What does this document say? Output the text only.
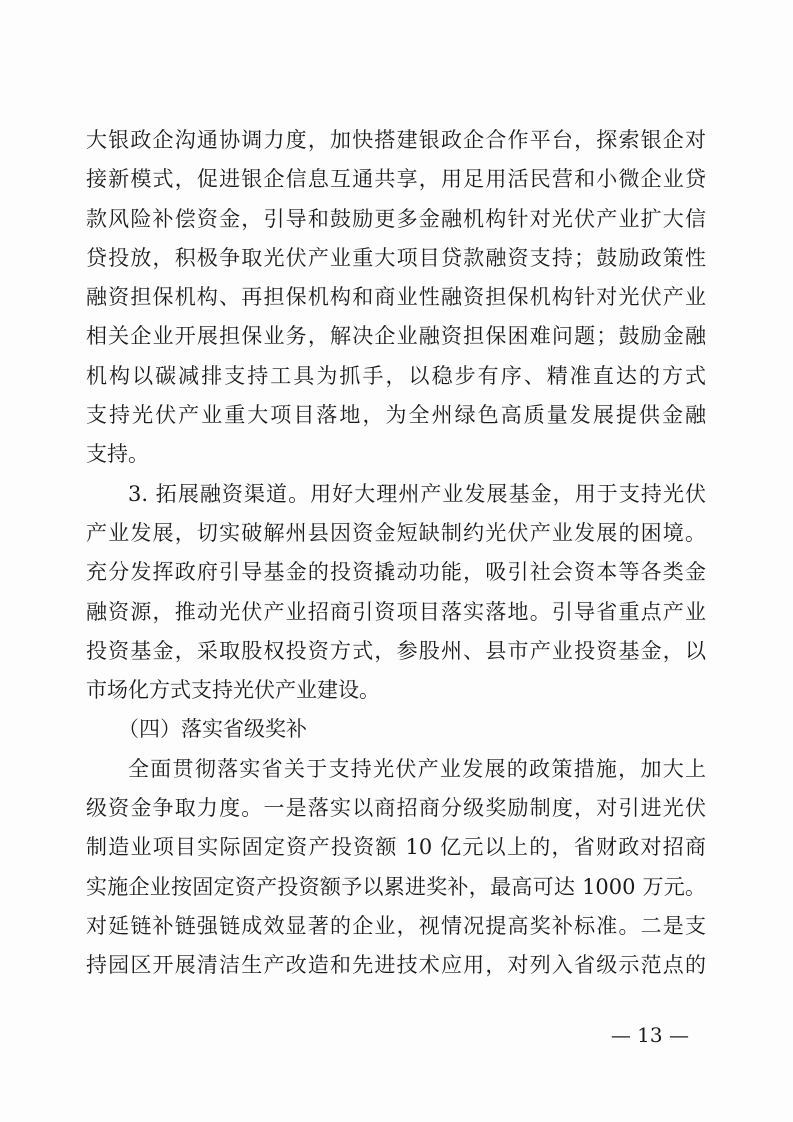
大银政企沟通协调力度，加快搭建银政企合作平台，探索银企对
接新模式，促进银企信息互通共享，用足用活民营和小微企业贷
款风险补偿资金，引导和鼓励更多金融机构针对光伏产业扩大信
贷投放，积极争取光伏产业重大项目贷款融资支持；鼓励政策性
融资担保机构、再担保机构和商业性融资担保机构针对光伏产业
相关企业开展担保业务，解决企业融资担保困难问题；鼓励金融
机构以碳减排支持工具为抓手，以稳步有序、精准直达的方式
支持光伏产业重大项目落地，为全州绿色高质量发展提供金融
支持。
3. 拓展融资渠道。用好大理州产业发展基金，用于支持光伏
产业发展，切实破解州县因资金短缺制约光伏产业发展的困境。
充分发挥政府引导基金的投资撬动功能，吸引社会资本等各类金
融资源，推动光伏产业招商引资项目落实落地。引导省重点产业
投资基金，采取股权投资方式，参股州、县市产业投资基金，以
市场化方式支持光伏产业建设。
（四）落实省级奖补
全面贯彻落实省关于支持光伏产业发展的政策措施，加大上
级资金争取力度。一是落实以商招商分级奖励制度，对引进光伏
制造业项目实际固定资产投资额 10 亿元以上的，省财政对招商
实施企业按固定资产投资额予以累进奖补，最高可达 1000 万元。
对延链补链强链成效显著的企业，视情况提高奖补标准。二是支
持园区开展清洁生产改造和先进技术应用，对列入省级示范点的
— 13 —
